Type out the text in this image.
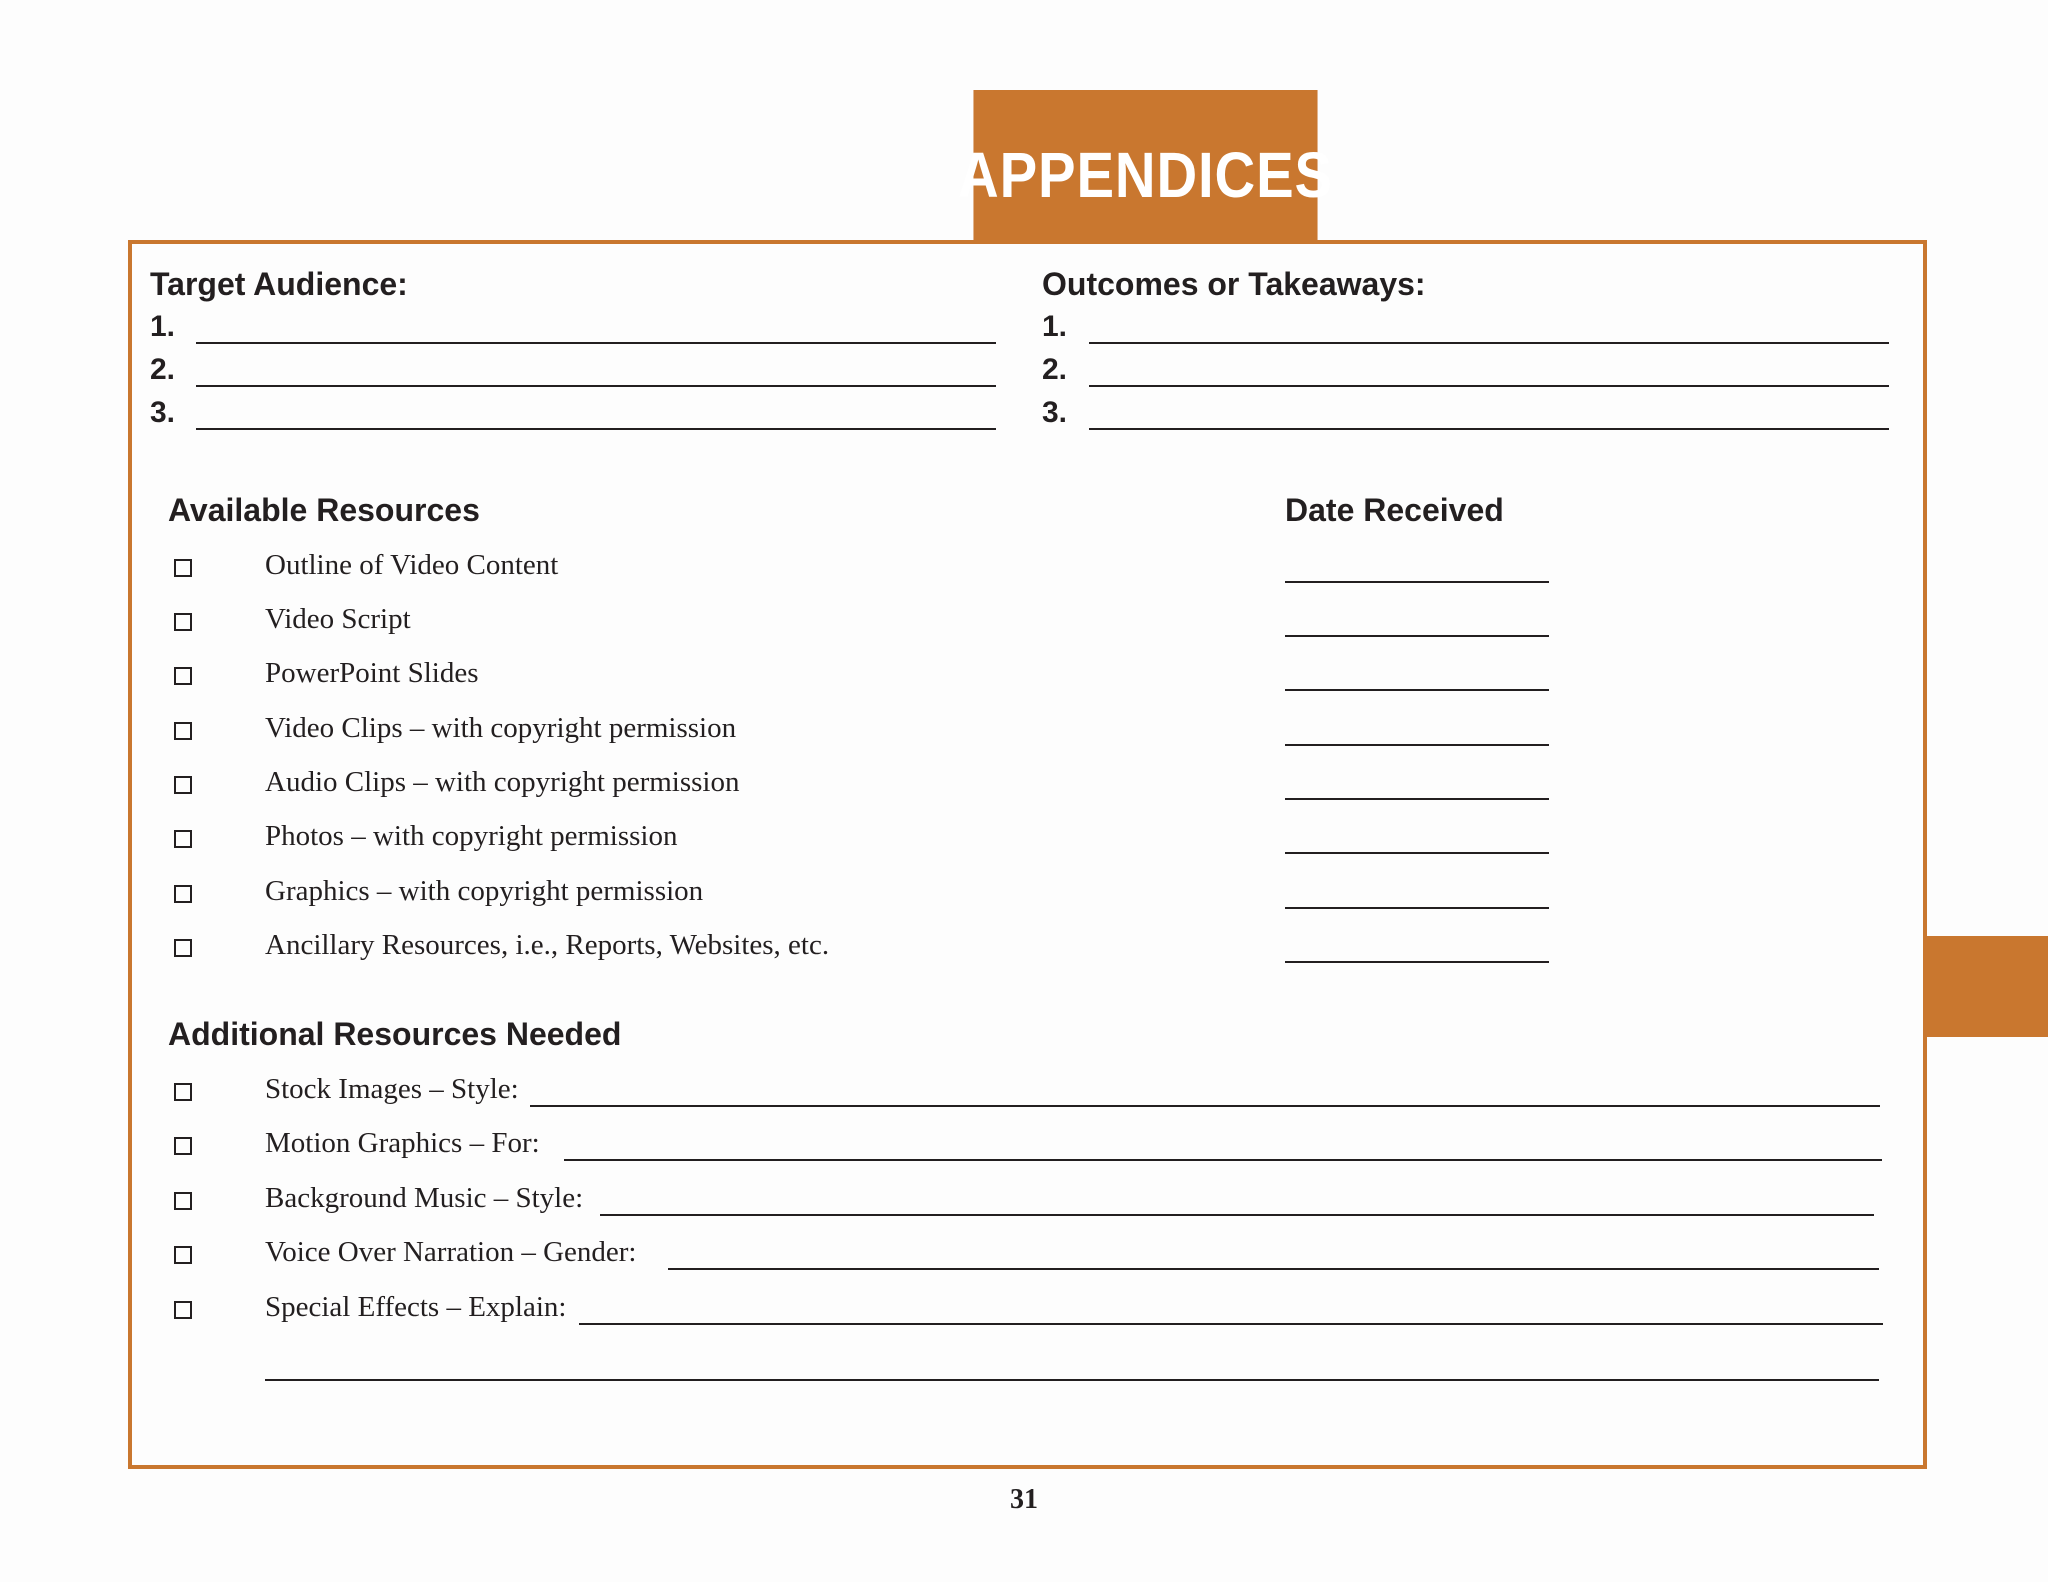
APPENDICES
Target Audience:
1.
2.
3.
Outcomes or Takeaways:
1.
2.
3.
Available Resources	Date Received
Outline of Video Content
Video Script
PowerPoint Slides
Video Clips – with copyright permission
Audio Clips – with copyright permission
Photos – with copyright permission
Graphics – with copyright permission
Ancillary Resources, i.e., Reports, Websites, etc.
Additional Resources Needed
Stock Images – Style:
Motion Graphics – For:
Background Music – Style:
Voice Over Narration – Gender:
Special Effects – Explain:
31
